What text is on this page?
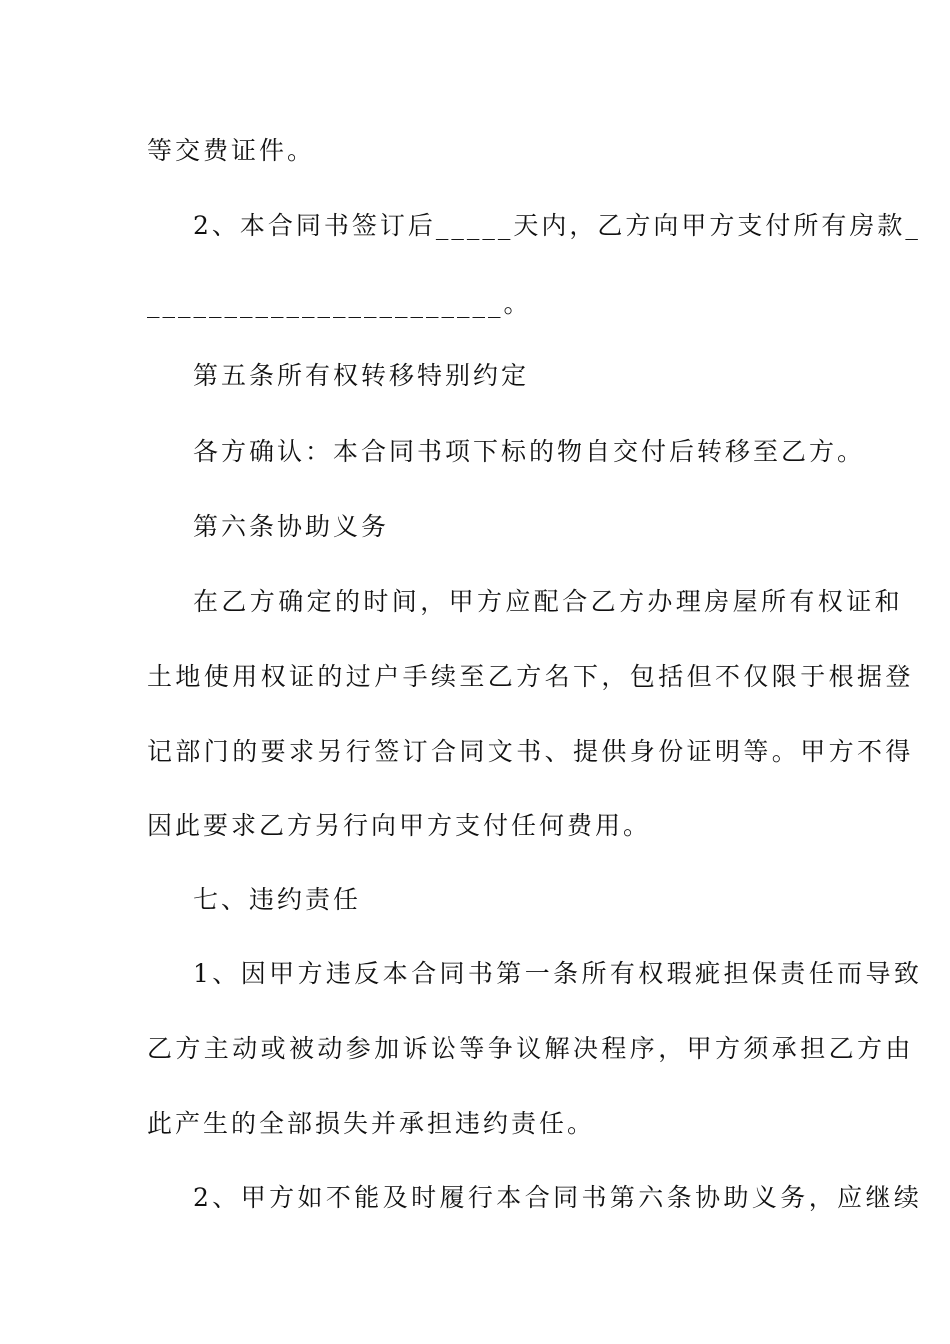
等交费证件。
2、本合同书签订后_____天内，乙方向甲方支付所有房款_
_______________________。
第五条所有权转移特别约定
各方确认：本合同书项下标的物自交付后转移至乙方。
第六条协助义务
在乙方确定的时间，甲方应配合乙方办理房屋所有权证和
土地使用权证的过户手续至乙方名下，包括但不仅限于根据登
记部门的要求另行签订合同文书、提供身份证明等。甲方不得
因此要求乙方另行向甲方支付任何费用。
七、违约责任
1、因甲方违反本合同书第一条所有权瑕疵担保责任而导致
乙方主动或被动参加诉讼等争议解决程序，甲方须承担乙方由
此产生的全部损失并承担违约责任。
2、甲方如不能及时履行本合同书第六条协助义务，应继续
